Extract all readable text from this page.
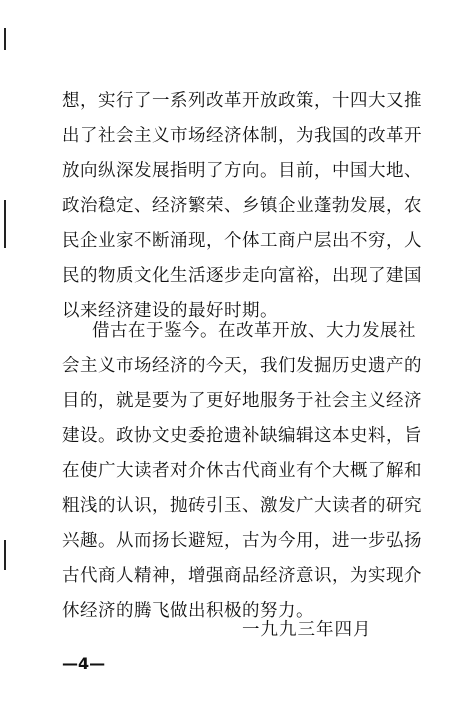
想，实行了一系列改革开放政策，十四大又推
出了社会主义市场经济体制，为我国的改革开
放向纵深发展指明了方向。目前，中国大地、
政治稳定、经济繁荣、乡镇企业蓬勃发展，农
民企业家不断涌现，个体工商户层出不穷，人
民的物质文化生活逐步走向富裕，出现了建国
以来经济建设的最好时期。
借古在于鉴今。在改革开放、大力发展社
会主义市场经济的今天，我们发掘历史遗产的
目的，就是要为了更好地服务于社会主义经济
建设。政协文史委抢遗补缺编辑这本史料，旨
在使广大读者对介休古代商业有个大概了解和
粗浅的认识，抛砖引玉、激发广大读者的研究
兴趣。从而扬长避短，古为今用，进一步弘扬
古代商人精神，增强商品经济意识，为实现介
休经济的腾飞做出积极的努力。
一九九三年四月
—4—
